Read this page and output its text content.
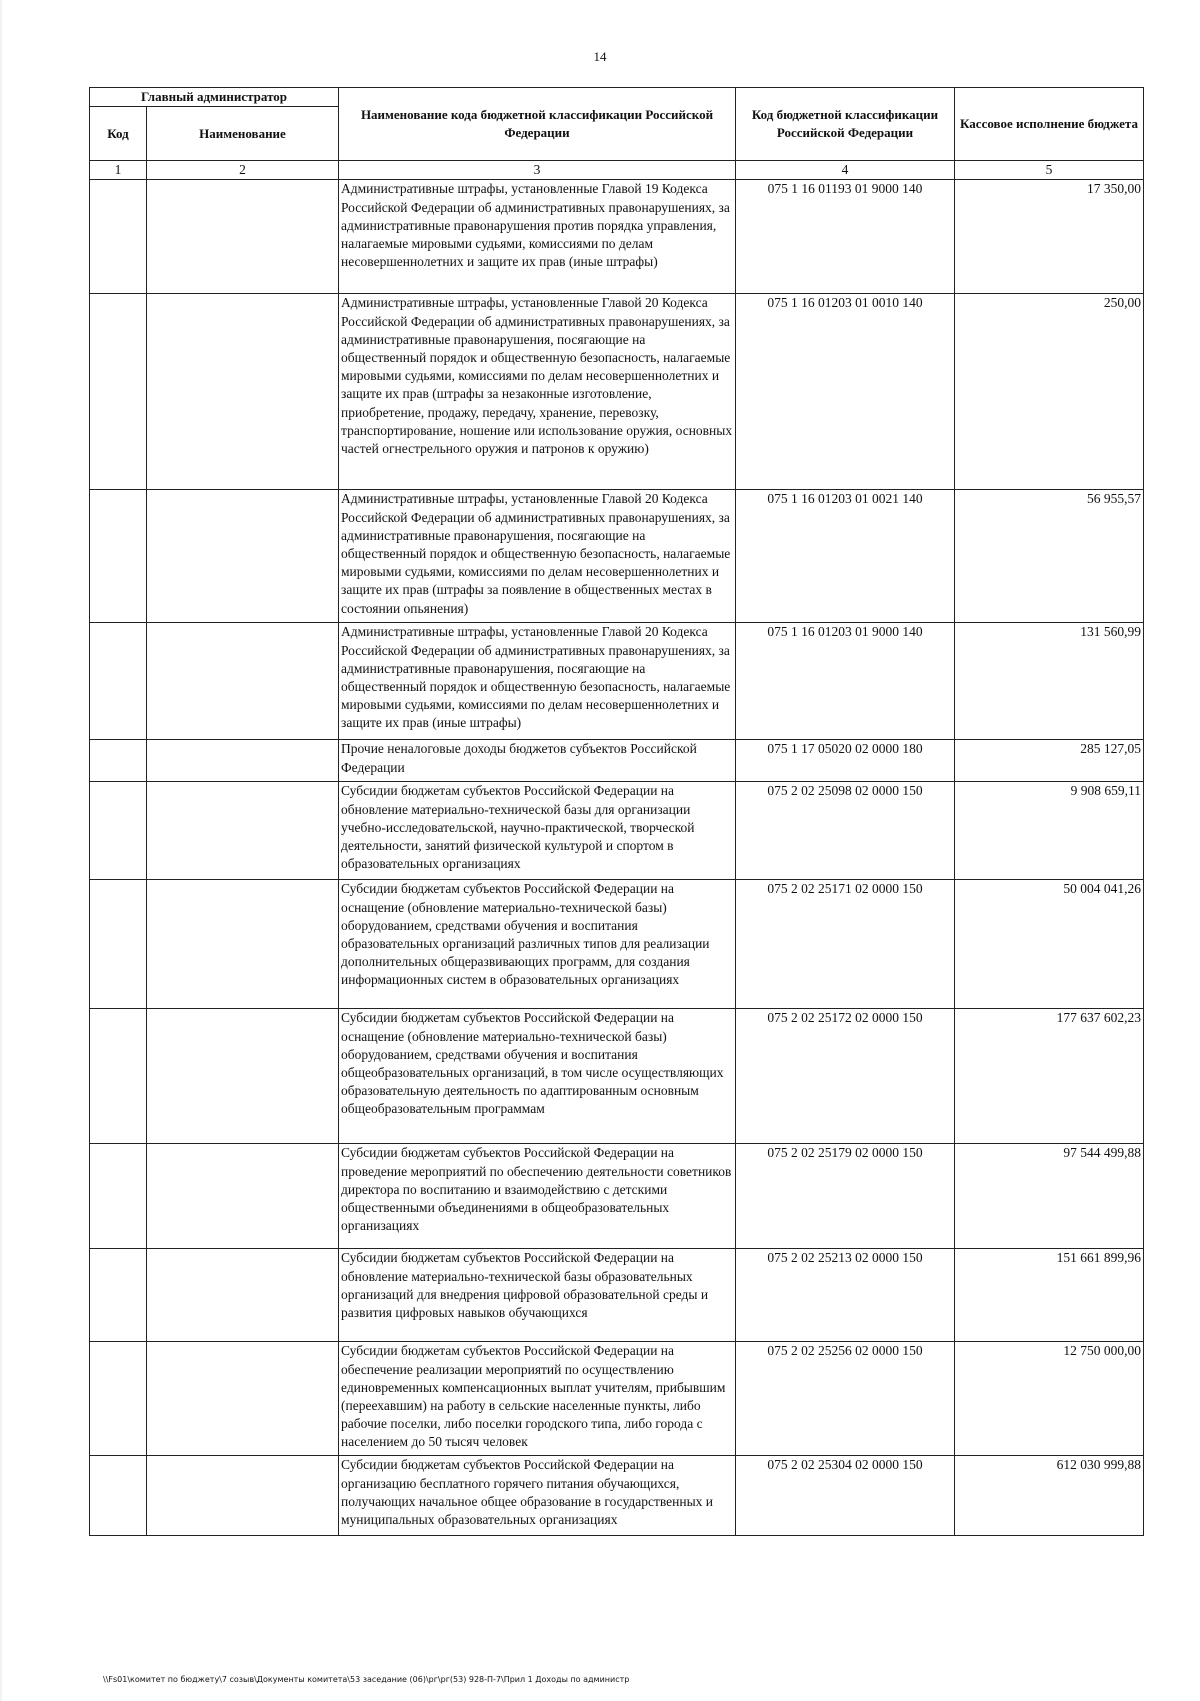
14
Главный администратор		Наименование кода бюджетной классификации Российской Федерации	Код бюджетной классификации Российской Федерации	Кассовое исполнение бюджета
Код	Наименование			
1	2	3	4	5
		Административные штрафы, установленные Главой 19 Кодекса Российской Федерации об административных правонарушениях, за административные правонарушения против порядка управления, налагаемые мировыми судьями, комиссиями по делам несовершеннолетних и защите их прав (иные штрафы)	075 1 16 01193 01 9000 140	17 350,00
		Административные штрафы, установленные Главой 20 Кодекса Российской Федерации об административных правонарушениях, за административные правонарушения, посягающие на общественный порядок и общественную безопасность, налагаемые мировыми судьями, комиссиями по делам несовершеннолетних и защите их прав (штрафы за незаконные изготовление, приобретение, продажу, передачу, хранение, перевозку, транспортирование, ношение или использование оружия, основных частей огнестрельного оружия и патронов к оружию)	075 1 16 01203 01 0010 140	250,00
		Административные штрафы, установленные Главой 20 Кодекса Российской Федерации об административных правонарушениях, за административные правонарушения, посягающие на общественный порядок и общественную безопасность, налагаемые мировыми судьями, комиссиями по делам несовершеннолетних и защите их прав (штрафы за появление в общественных местах в состоянии опьянения)	075 1 16 01203 01 0021 140	56 955,57
		Административные штрафы, установленные Главой 20 Кодекса Российской Федерации об административных правонарушениях, за административные правонарушения, посягающие на общественный порядок и общественную безопасность, налагаемые мировыми судьями, комиссиями по делам несовершеннолетних и защите их прав (иные штрафы)	075 1 16 01203 01 9000 140	131 560,99
		Прочие неналоговые доходы бюджетов субъектов Российской Федерации	075 1 17 05020 02 0000 180	285 127,05
		Субсидии бюджетам субъектов Российской Федерации на обновление материально-технической базы для организации учебно-исследовательской, научно-практической, творческой деятельности, занятий физической культурой и спортом в образовательных организациях	075 2 02 25098 02 0000 150	9 908 659,11
		Субсидии бюджетам субъектов Российской Федерации на оснащение (обновление материально-технической базы) оборудованием, средствами обучения и воспитания образовательных организаций различных типов для реализации дополнительных общеразвивающих программ, для создания информационных систем в образовательных организациях	075 2 02 25171 02 0000 150	50 004 041,26
		Субсидии бюджетам субъектов Российской Федерации на оснащение (обновление материально-технической базы) оборудованием, средствами обучения и воспитания общеобразовательных организаций, в том числе осуществляющих образовательную деятельность по адаптированным основным общеобразовательным программам	075 2 02 25172 02 0000 150	177 637 602,23
		Субсидии бюджетам субъектов Российской Федерации на проведение мероприятий по обеспечению деятельности советников директора по воспитанию и взаимодействию с детскими общественными объединениями в общеобразовательных организациях	075 2 02 25179 02 0000 150	97 544 499,88
		Субсидии бюджетам субъектов Российской Федерации на обновление материально-технической базы образовательных организаций для внедрения цифровой образовательной среды и развития цифровых навыков обучающихся	075 2 02 25213 02 0000 150	151 661 899,96
		Субсидии бюджетам субъектов Российской Федерации на обеспечение реализации мероприятий по осуществлению единовременных компенсационных выплат учителям, прибывшим (переехавшим) на работу в сельские населенные пункты, либо рабочие поселки, либо поселки городского типа, либо города с населением до 50 тысяч человек	075 2 02 25256 02 0000 150	12 750 000,00
		Субсидии бюджетам субъектов Российской Федерации на организацию бесплатного горячего питания обучающихся, получающих начальное общее образование в государственных и муниципальных образовательных организациях	075 2 02 25304 02 0000 150	612 030 999,88
\\Fs01\комитет по бюджету\7 созыв\Документы комитета\53 заседание (06)\рг\рг(53) 928-П-7\Прил 1 Доходы по админиcтр
